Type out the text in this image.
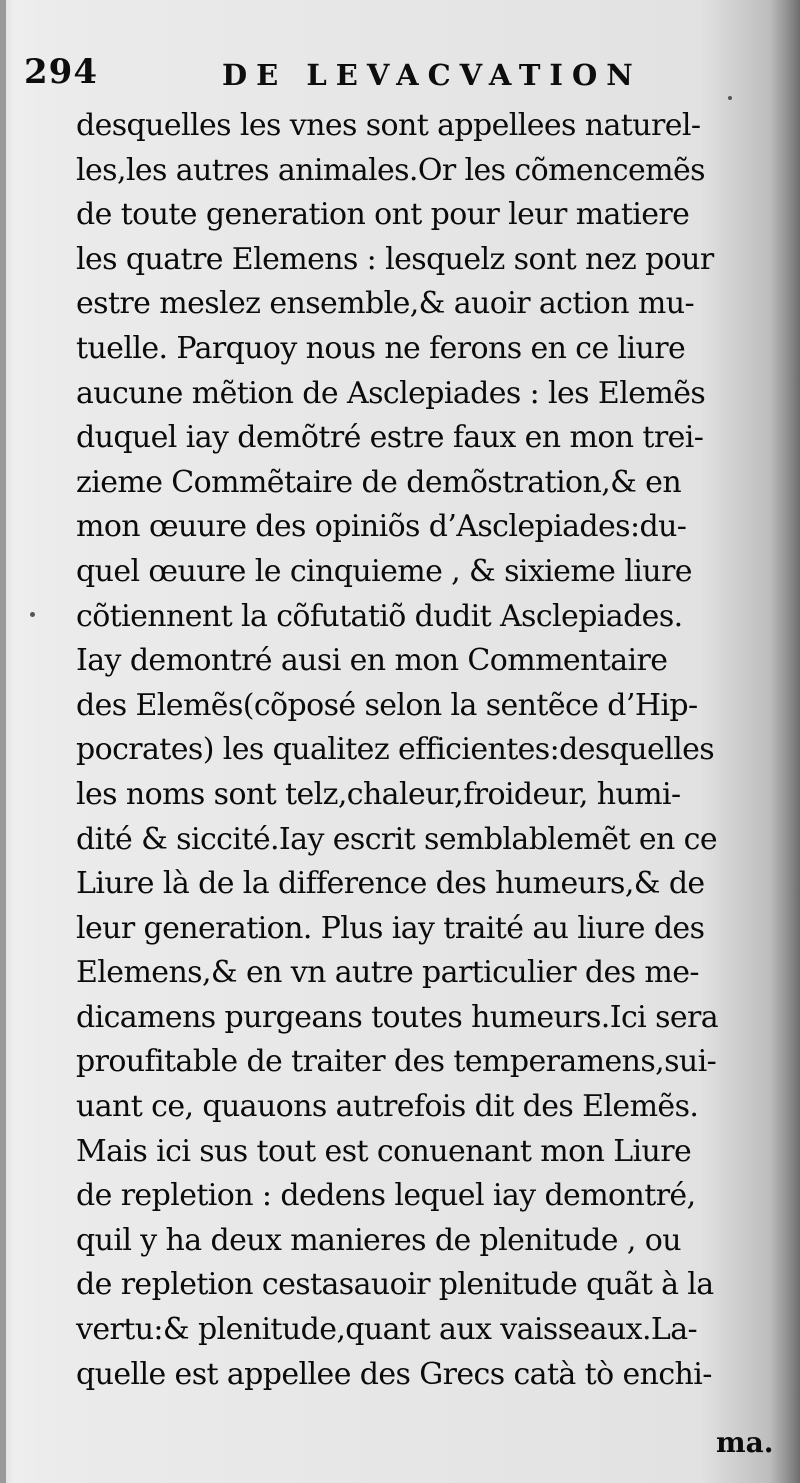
294	DE LEVACVATION
desquelles les vnes sont appellees naturel-
les,les autres animales.Or les cõmencemẽs
de toute generation ont pour leur matiere
les quatre Elemens : lesquelz sont nez pour
estre meslez ensemble,& auoir action mu-
tuelle. Parquoy nous ne ferons en ce liure
aucune mẽtion de Asclepiades : les Elemẽs
duquel iay demõtré estre faux en mon trei-
zieme Commẽtaire de demõstration,& en
mon œuure des opiniõs d’Asclepiades:du-
quel œuure le cinquieme , & sixieme liure
cõtiennent la cõfutatiõ dudit Asclepiades.
Iay demontré ausi en mon Commentaire
des Elemẽs(cõposé selon la sentẽce d’Hip-
pocrates) les qualitez efficientes:desquelles
les noms sont telz,chaleur,froideur, humi-
dité & siccité.Iay escrit semblablemẽt en ce
Liure là de la difference des humeurs,& de
leur generation. Plus iay traité au liure des
Elemens,& en vn autre particulier des me-
dicamens purgeans toutes humeurs.Ici sera
proufitable de traiter des temperamens,sui-
uant ce, quauons autrefois dit des Elemẽs.
Mais ici sus tout est conuenant mon Liure
de repletion : dedens lequel iay demontré,
quil y ha deux manieres de plenitude , ou
de repletion cestasauoir plenitude quãt à la
vertu:& plenitude,quant aux vaisseaux.La-
quelle est appellee des Grecs catà tò enchi-
ma.
